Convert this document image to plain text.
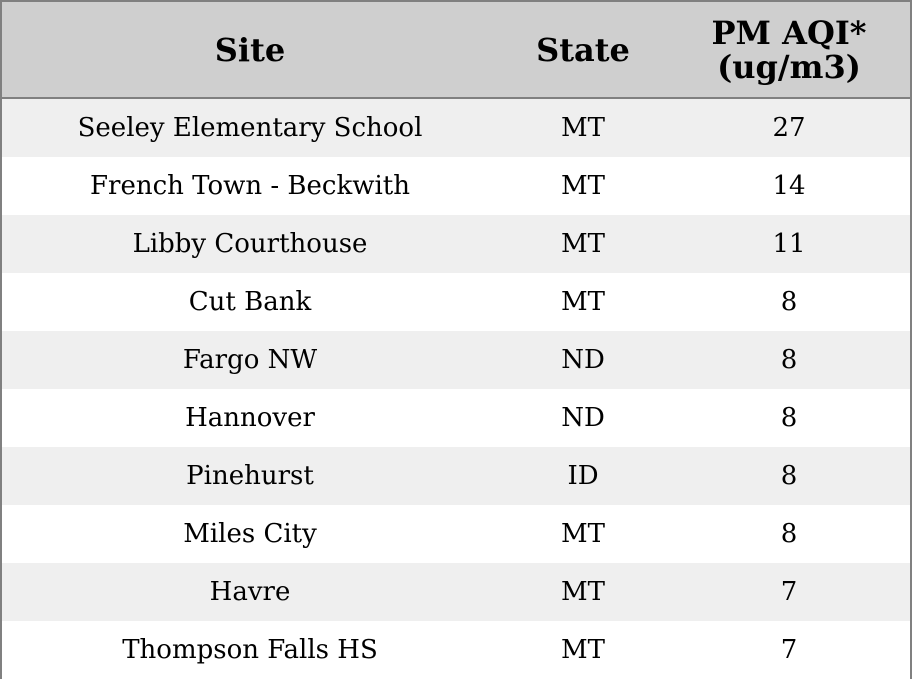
Site	State	PM AQI*
(ug/m3)
Seeley Elementary School	MT	27
French Town - Beckwith	MT	14
Libby Courthouse	MT	11
Cut Bank	MT	8
Fargo NW	ND	8
Hannover	ND	8
Pinehurst	ID	8
Miles City	MT	8
Havre	MT	7
Thompson Falls HS	MT	7
